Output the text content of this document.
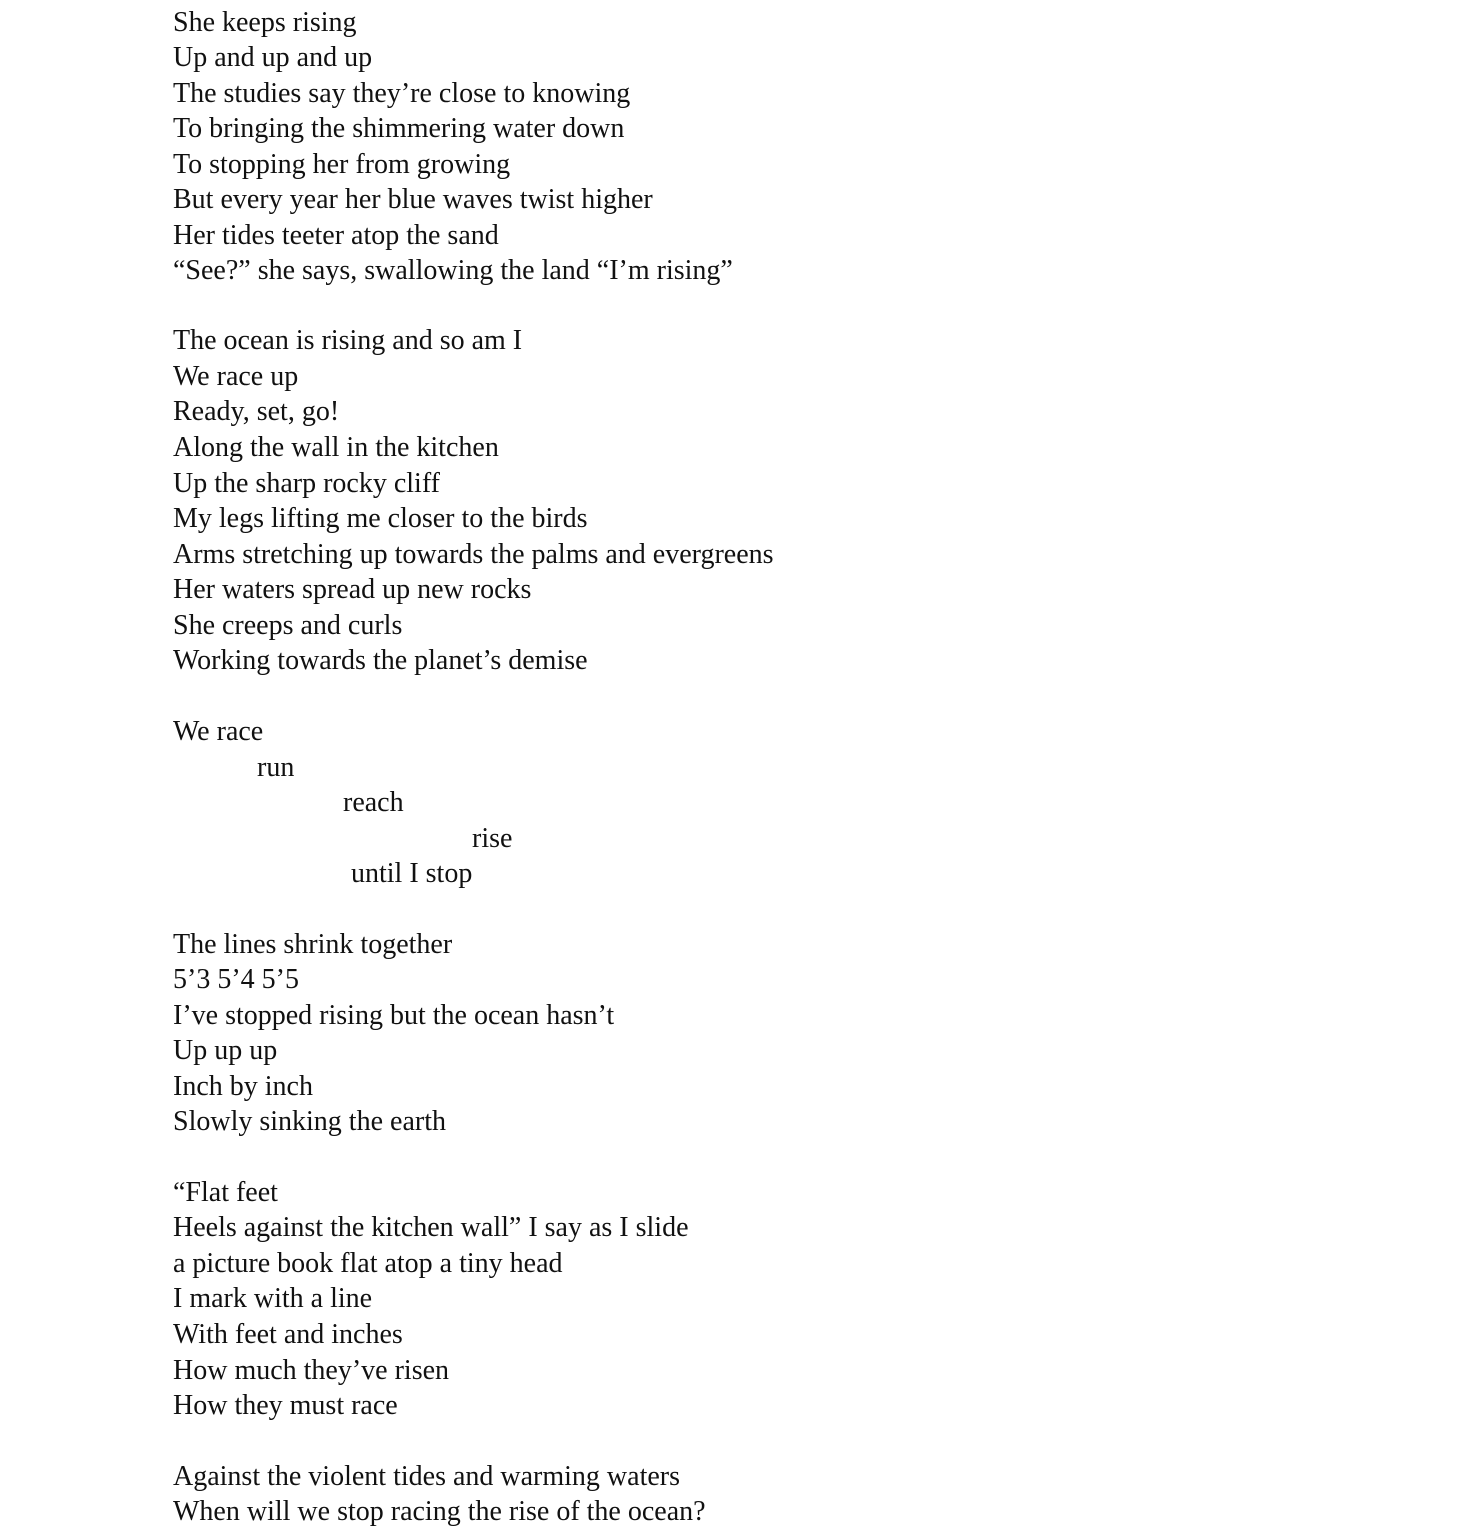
She keeps rising
Up and up and up
The studies say they’re close to knowing
To bringing the shimmering water down
To stopping her from growing
But every year her blue waves twist higher
Her tides teeter atop the sand
“See?” she says, swallowing the land “I’m rising”
The ocean is rising and so am I
We race up
Ready, set, go!
Along the wall in the kitchen
Up the sharp rocky cliff
My legs lifting me closer to the birds
Arms stretching up towards the palms and evergreens
Her waters spread up new rocks
She creeps and curls
Working towards the planet’s demise
We race
run
reach
rise
until I stop
The lines shrink together
5’3 5’4 5’5
I’ve stopped rising but the ocean hasn’t
Up up up
Inch by inch
Slowly sinking the earth
“Flat feet
Heels against the kitchen wall” I say as I slide
a picture book flat atop a tiny head
I mark with a line
With feet and inches
How much they’ve risen
How they must race
Against the violent tides and warming waters
When will we stop racing the rise of the ocean?
